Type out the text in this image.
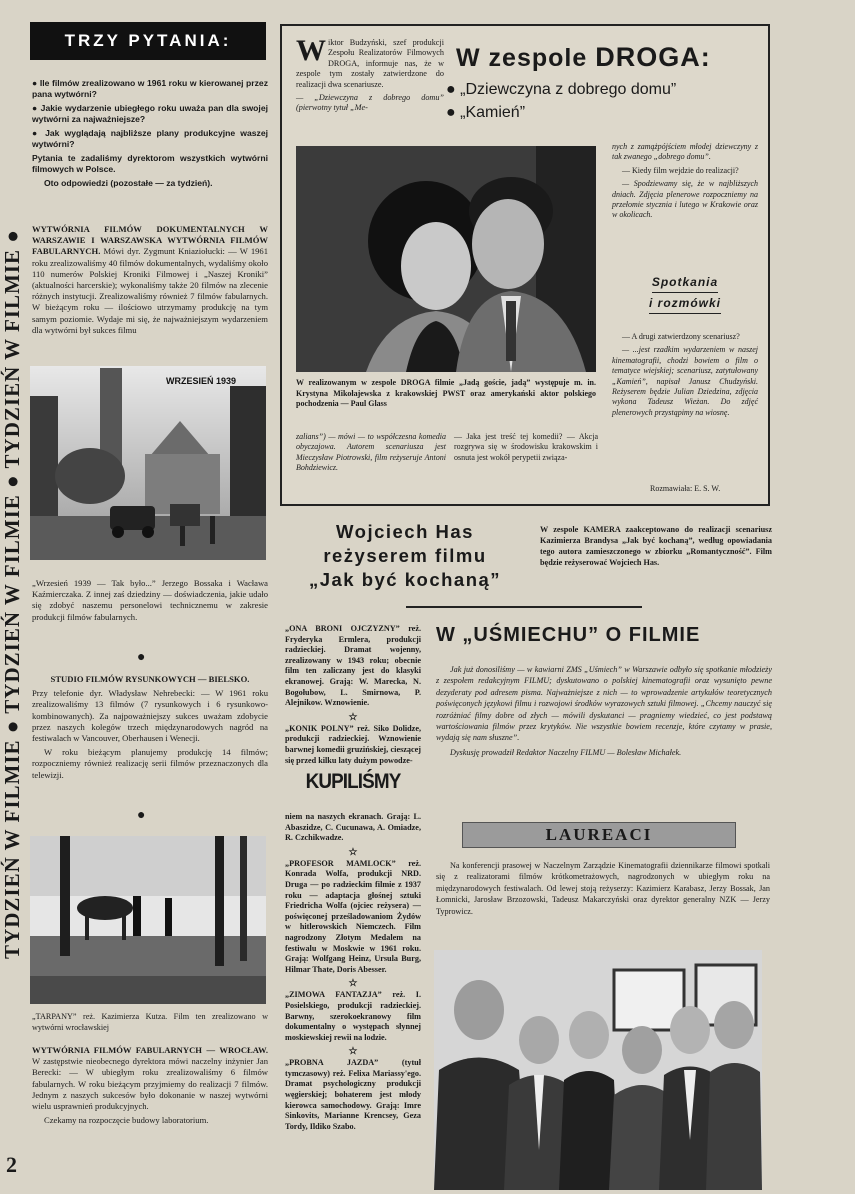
TYDZIEŃ W FILMIE ● TYDZIEŃ W FILMIE ● TYDZIEŃ W FILMIE ●
2
TRZY PYTANIA:

● Ile filmów zrealizowano w 1961 roku w kierowanej przez pana wytwórni?

● Jakie wydarzenie ubiegłego roku uważa pan dla swojej wytwórni za najważniejsze?

● Jak wyglądają najbliższe plany produkcyjne waszej wytwórni?

Pytania te zadaliśmy dyrektorom wszystkich wytwórni filmowych w Polsce.

Oto odpowiedzi (pozostałe — za tydzień).

WYTWÓRNIA FILMÓW DOKUMENTALNYCH W WARSZAWIE I WARSZAWSKA WYTWÓRNIA FILMÓW FABULARNYCH. Mówi dyr. Zygmunt Kniaziołucki: — W 1961 roku zrealizowaliśmy 40 filmów dokumentalnych, wydaliśmy około 110 numerów Polskiej Kroniki Filmowej i „Naszej Kroniki” (aktualności harcerskie); wykonaliśmy także 20 filmów na zlecenie różnych instytucji. Zrealizowaliśmy również 7 filmów fabularnych. W bieżącym roku — ilościowo utrzymamy produkcję na tym samym poziomie. Wydaje mi się, że najważniejszym wydarzeniem dla wytwórni był sukces filmu

WRZESIEŃ 1939

„Wrzesień 1939 — Tak było...” Jerzego Bossaka i Wacława Kaźmierczaka. Z innej zaś dziedziny — doświadczenia, jakie udało się zdobyć naszemu personelowi technicznemu w zakresie produkcji filmów fabularnych.

●

STUDIO FILMÓW RYSUNKOWYCH — BIELSKO.

Przy telefonie dyr. Władysław Nehrebecki: — W 1961 roku zrealizowaliśmy 13 filmów (7 rysunkowych i 6 rysunkowo-kombinowanych). Za najpoważniejszy sukces uważam zdobycie przez naszych kolegów trzech międzynarodowych nagród na festiwalach w Vancouver, Oberhausen i Wenecji.

W roku bieżącym planujemy produkcję 14 filmów; rozpoczniemy również realizację serii filmów przeznaczonych dla telewizji.

●

„TARPANY” reż. Kazimierza Kutza. Film ten zrealizowano w wytwórni wrocławskiej

WYTWÓRNIA FILMÓW FABULARNYCH — WROCŁAW. W zastępstwie nieobecnego dyrektora mówi naczelny inżynier Jan Berecki: — W ubiegłym roku zrealizowaliśmy 6 filmów fabularnych. W roku bieżącym przyjmiemy do realizacji 7 filmów. Jednym z naszych sukcesów było dokonanie w naszej wytwórni wielu usprawnień produkcyjnych.

Czekamy na rozpoczęcie budowy laboratorium.

Wiktor Budzyński, szef produkcji Zespołu Realizatorów Filmowych DROGA, informuje nas, że w zespole tym zostały zatwierdzone do realizacji dwa scenariusze.

— „Dziewczyna z dobrego domu” (pierwotny tytuł „Me-

W zespole DROGA:
● „Dziewczyna z dobrego domu”
● „Kamień”

W realizowanym w zespole DROGA filmie „Jadą goście, jadą” występuje m. in. Krystyna Mikołajewska z krakowskiej PWST oraz amerykański aktor polskiego pochodzenia — Paul Glass

zalians”) — mówi — to współczesna komedia obyczajowa. Autorem scenariusza jest Mieczysław Piotrowski, film reżyseruje Antoni Bohdziewicz.

— Jaka jest treść tej komedii? — Akcja rozgrywa się w środowisku krakowskim i osnuta jest wokół perypetii związa-

nych z zamążpójściem młodej dziewczyny z tak zwanego „dobrego domu”.

— Kiedy film wejdzie do realizacji?

— Spodziewamy się, że w najbliższych dniach. Zdjęcia plenerowe rozpoczniemy na przełomie stycznia i lutego w Krakowie oraz w okolicach.

Spotkania
i rozmówki

— A drugi zatwierdzony scenariusz?

— ...jest rzadkim wydarzeniem w naszej kinematografii, chodzi bowiem o film o tematyce wiejskiej; scenariusz, zatytułowany „Kamień”, napisał Janusz Chudzyński. Reżyserem będzie Julian Dziedzina, zdjęcia wykona Tadeusz Wieżan. Do zdjęć plenerowych przystąpimy na wiosnę.

Rozmawiała: E. S. W.
Wojciech Has
reżyserem filmu
„Jak być kochaną”

W zespole KAMERA zaakceptowano do realizacji scenariusz Kazimierza Brandysa „Jak być kochaną”, według opowiadania tego autora zamieszczonego w zbiorku „Romantyczność”. Film będzie reżyserować Wojciech Has.

„ONA BRONI OJCZYZNY” reż. Fryderyka Ermlera, produkcji radzieckiej. Dramat wojenny, zrealizowany w 1943 roku; obecnie film ten zaliczany jest do klasyki ekranowej. Grają: W. Marecka, N. Bogołubow, L. Smirnowa, P. Alejnikow. Wznowienie.

☆

„KONIK POLNY” reż. Siko Dolidze, produkcji radzieckiej. Wznowienie barwnej komedii gruzińskiej, cieszącej się przed kilku laty dużym powodze-

KUPILIŚMY

niem na naszych ekranach. Grają: L. Abaszidze, C. Cucunawa, A. Omiadze, R. Czchikwadze.

☆

„PROFESOR MAMLOCK” reż. Konrada Wolfa, produkcji NRD. Druga — po radzieckim filmie z 1937 roku — adaptacja głośnej sztuki Friedricha Wolfa (ojciec reżysera) — poświęconej prześladowaniom Żydów w hitlerowskich Niemczech. Film nagrodzony Złotym Medalem na festiwalu w Moskwie w 1961 roku. Grają: Wolfgang Heinz, Ursula Burg, Hilmar Thate, Doris Abesser.

☆

„ZIMOWA FANTAZJA” reż. I. Posielskiego, produkcji radzieckiej. Barwny, szerokoekranowy film dokumentalny o występach słynnej moskiewskiej rewii na lodzie.

☆

„PROBNA JAZDA” (tytuł tymczasowy) reż. Felixa Mariassy'ego. Dramat psychologiczny produkcji węgierskiej; bohaterem jest młody kierowca samochodowy. Grają: Imre Sinkovits, Marianne Krencsey, Geza Tordy, Ildiko Szabo.

W „UŚMIECHU” O FILMIE

Jak już donosiliśmy — w kawiarni ZMS „Uśmiech” w Warszawie odbyło się spotkanie młodzieży z zespołem redakcyjnym FILMU; dyskutowano o polskiej kinematografii oraz wysunięto pewne dezyderaty pod adresem pisma. Najważniejsze z nich — to wprowadzenie artykułów teoretycznych poświęconych językowi filmu i rozwojowi środków wyrazowych sztuki filmowej. „Chcemy nauczyć się rozróżniać filmy dobre od złych — mówili dyskutanci — pragniemy wiedzieć, co jest podstawą wartościowania filmów przez krytyków. Nie wszystkie bowiem recenzje, które czytamy w prasie, wydają się nam słuszne”.

Dyskusję prowadził Redaktor Naczelny FILMU — Bolesław Michałek.

LAUREACI

Na konferencji prasowej w Naczelnym Zarządzie Kinematografii dziennikarze filmowi spotkali się z realizatorami filmów krótkometrażowych, nagrodzonych w ubiegłym roku na międzynarodowych festiwalach. Od lewej stoją reżyserzy: Kazimierz Karabasz, Jerzy Bossak, Jan Łomnicki, Jarosław Brzozowski, Tadeusz Makarczyński oraz dyrektor generalny NZK — Jerzy Typrowicz.
